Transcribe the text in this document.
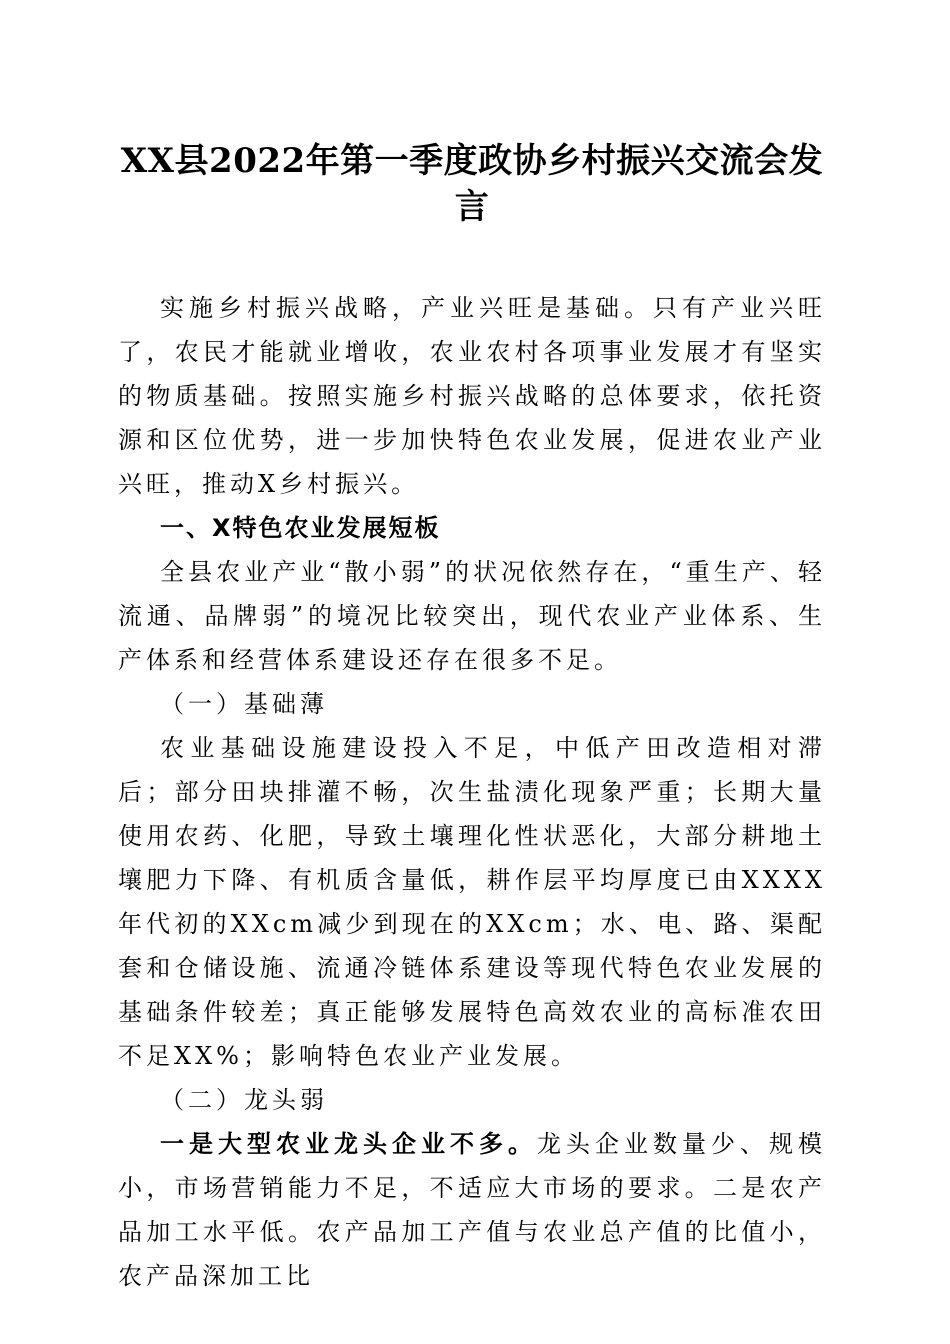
XX县2022年第一季度政协乡村振兴交流会发言

实施乡村振兴战略，产业兴旺是基础。只有产业兴旺了，农民才能就业增收，农业农村各项事业发展才有坚实的物质基础。按照实施乡村振兴战略的总体要求，依托资源和区位优势，进一步加快特色农业发展，促进农业产业兴旺，推动X乡村振兴。

一、X特色农业发展短板

全县农业产业“散小弱”的状况依然存在，“重生产、轻流通、品牌弱”的境况比较突出，现代农业产业体系、生产体系和经营体系建设还存在很多不足。

（一）基础薄

农业基础设施建设投入不足，中低产田改造相对滞后；部分田块排灌不畅，次生盐渍化现象严重；长期大量使用农药、化肥，导致土壤理化性状恶化，大部分耕地土壤肥力下降、有机质含量低，耕作层平均厚度已由XXXX年代初的XXcm减少到现在的XXcm；水、电、路、渠配套和仓储设施、流通冷链体系建设等现代特色农业发展的基础条件较差；真正能够发展特色高效农业的高标准农田不足XX%；影响特色农业产业发展。

（二）龙头弱

一是大型农业龙头企业不多。龙头企业数量少、规模小，市场营销能力不足，不适应大市场的要求。二是农产品加工水平低。农产品加工产值与农业总产值的比值小，农产品深加工比
